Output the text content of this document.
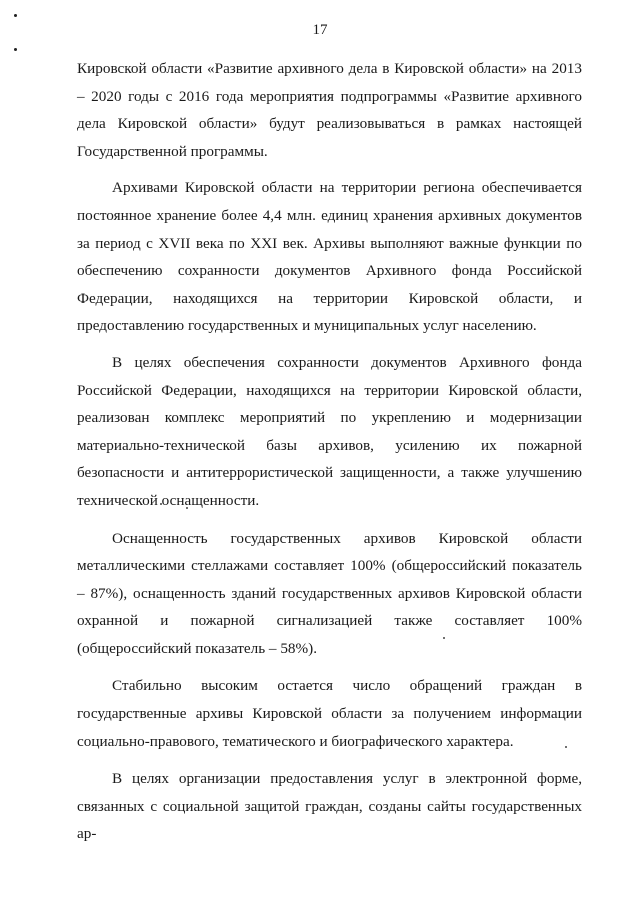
17

Кировской области «Развитие архивного дела в Кировской области» на 2013 – 2020 годы с 2016 года мероприятия подпрограммы «Развитие архивного дела Кировской области» будут реализовываться в рамках настоящей Государственной программы.

Архивами Кировской области на территории региона обеспечивается постоянное хранение более 4,4 млн. единиц хранения архивных документов за период с XVII века по XXI век. Архивы выполняют важные функции по обеспечению сохранности документов Архивного фонда Российской Федерации, находящихся на территории Кировской области, и предоставлению государственных и муниципальных услуг населению.

В целях обеспечения сохранности документов Архивного фонда Российской Федерации, находящихся на территории Кировской области, реализован комплекс мероприятий по укреплению и модернизации материально-технической базы архивов, усилению их пожарной безопасности и антитеррористической защищенности, а также улучшению технической оснащенности.

Оснащенность государственных архивов Кировской области металлическими стеллажами составляет 100% (общероссийский показатель – 87%), оснащенность зданий государственных архивов Кировской области охранной и пожарной сигнализацией также составляет 100% (общероссийский показатель – 58%).

Стабильно высоким остается число обращений граждан в государственные архивы Кировской области за получением информации социально-правового, тематического и биографического характера.

В целях организации предоставления услуг в электронной форме, связанных с социальной защитой граждан, созданы сайты государственных ар-
